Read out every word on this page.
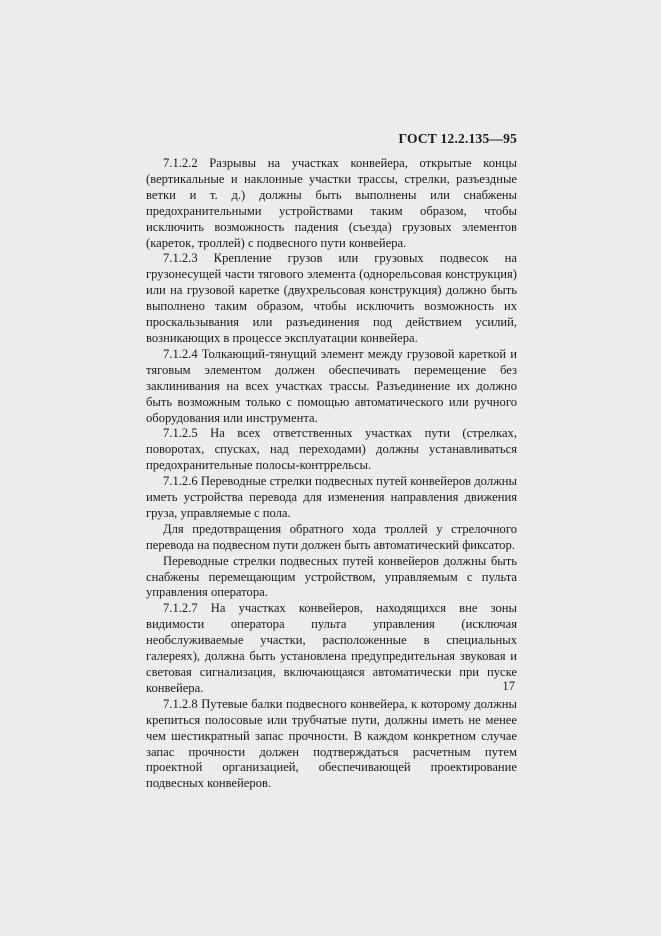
ГОСТ 12.2.135—95

7.1.2.2 Разрывы на участках конвейера, открытые концы (вертикальные и наклонные участки трассы, стрелки, разъездные ветки и т. д.) должны быть выполнены или снабжены предохранительными устройствами таким образом, чтобы исключить возможность падения (съезда) грузовых элементов (кареток, троллей) с подвесного пути конвейера.

7.1.2.3 Крепление грузов или грузовых подвесок на грузонесущей части тягового элемента (однорельсовая конструкция) или на грузовой каретке (двухрельсовая конструкция) должно быть выполнено таким образом, чтобы исключить возможность их проскальзывания или разъединения под действием усилий, возникающих в процессе эксплуатации конвейера.

7.1.2.4 Толкающий-тянущий элемент между грузовой кареткой и тяговым элементом должен обеспечивать перемещение без заклинивания на всех участках трассы. Разъединение их должно быть возможным только с помощью автоматического или ручного оборудования или инструмента.

7.1.2.5 На всех ответственных участках пути (стрелках, поворотах, спусках, над переходами) должны устанавливаться предохранительные полосы-контррельсы.

7.1.2.6 Переводные стрелки подвесных путей конвейеров должны иметь устройства перевода для изменения направления движения груза, управляемые с пола.

Для предотвращения обратного хода троллей у стрелочного перевода на подвесном пути должен быть автоматический фиксатор.

Переводные стрелки подвесных путей конвейеров должны быть снабжены перемещающим устройством, управляемым с пульта управления оператора.

7.1.2.7 На участках конвейеров, находящихся вне зоны видимости оператора пульта управления (исключая необслуживаемые участки, расположенные в специальных галереях), должна быть установлена предупредительная звуковая и световая сигнализация, включающаяся автоматически при пуске конвейера.

7.1.2.8 Путевые балки подвесного конвейера, к которому должны крепиться полосовые или трубчатые пути, должны иметь не менее чем шестикратный запас прочности. В каждом конкретном случае запас прочности должен подтверждаться расчетным путем проектной организацией, обеспечивающей проектирование подвесных конвейеров.

17
